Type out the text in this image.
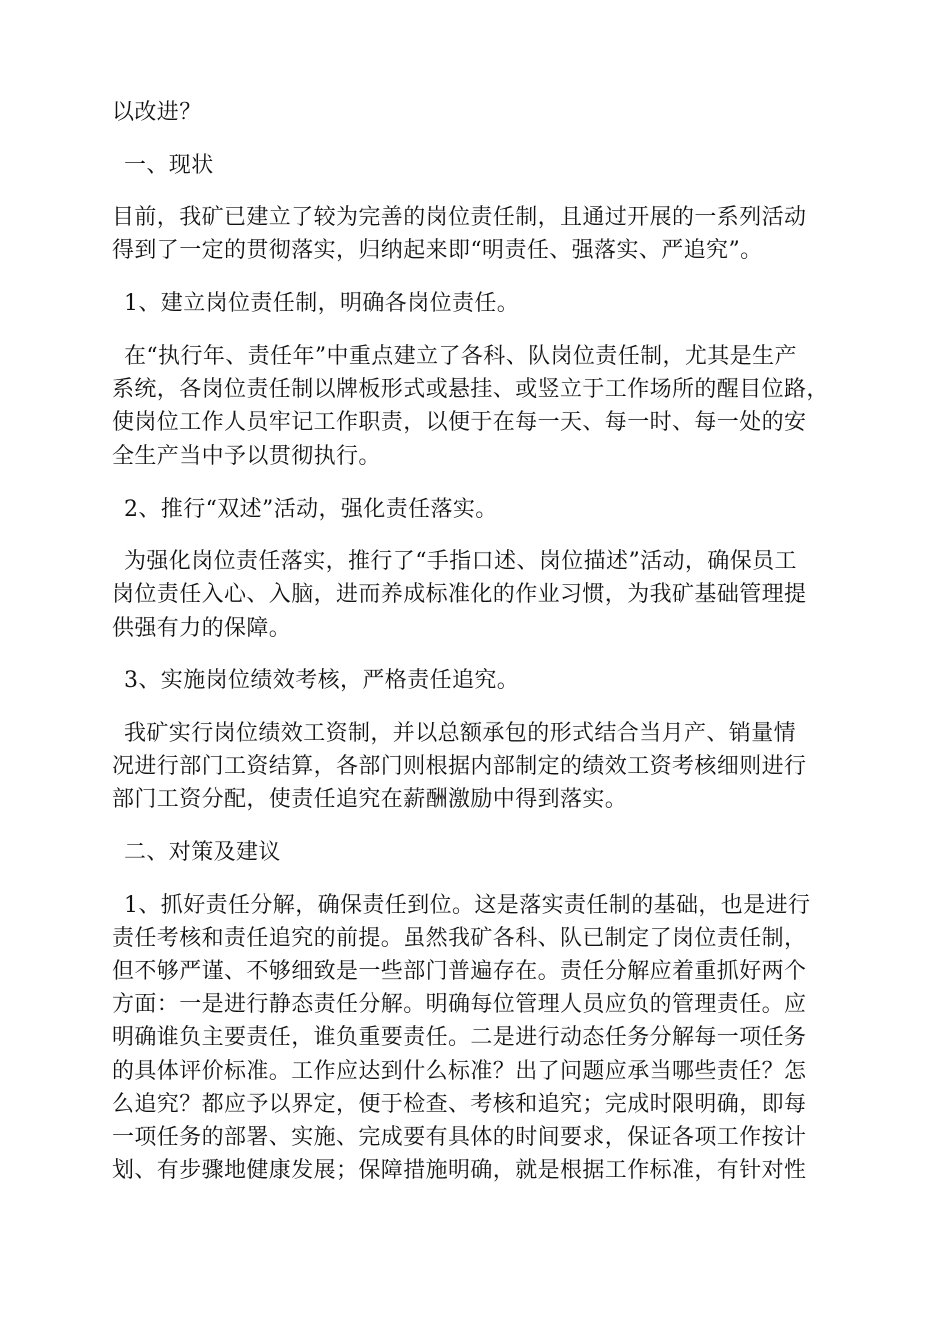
以改进？
一、现状
目前，我矿已建立了较为完善的岗位责任制，且通过开展的一系列活动
得到了一定的贯彻落实，归纳起来即“明责任、强落实、严追究”。
1、建立岗位责任制，明确各岗位责任。
在“执行年、责任年”中重点建立了各科、队岗位责任制，尤其是生产
系统，各岗位责任制以牌板形式或悬挂、或竖立于工作场所的醒目位路，
使岗位工作人员牢记工作职责，以便于在每一天、每一时、每一处的安
全生产当中予以贯彻执行。
2、推行“双述”活动，强化责任落实。
为强化岗位责任落实，推行了“手指口述、岗位描述”活动，确保员工
岗位责任入心、入脑，进而养成标准化的作业习惯，为我矿基础管理提
供强有力的保障。
3、实施岗位绩效考核，严格责任追究。
我矿实行岗位绩效工资制，并以总额承包的形式结合当月产、销量情
况进行部门工资结算，各部门则根据内部制定的绩效工资考核细则进行
部门工资分配，使责任追究在薪酬激励中得到落实。
二、对策及建议
1、抓好责任分解，确保责任到位。这是落实责任制的基础，也是进行
责任考核和责任追究的前提。虽然我矿各科、队已制定了岗位责任制，
但不够严谨、不够细致是一些部门普遍存在。责任分解应着重抓好两个
方面：一是进行静态责任分解。明确每位管理人员应负的管理责任。应
明确谁负主要责任，谁负重要责任。二是进行动态任务分解每一项任务
的具体评价标准。工作应达到什么标准？出了问题应承当哪些责任？怎
么追究？都应予以界定，便于检查、考核和追究；完成时限明确，即每
一项任务的部署、实施、完成要有具体的时间要求，保证各项工作按计
划、有步骤地健康发展；保障措施明确，就是根据工作标准，有针对性
